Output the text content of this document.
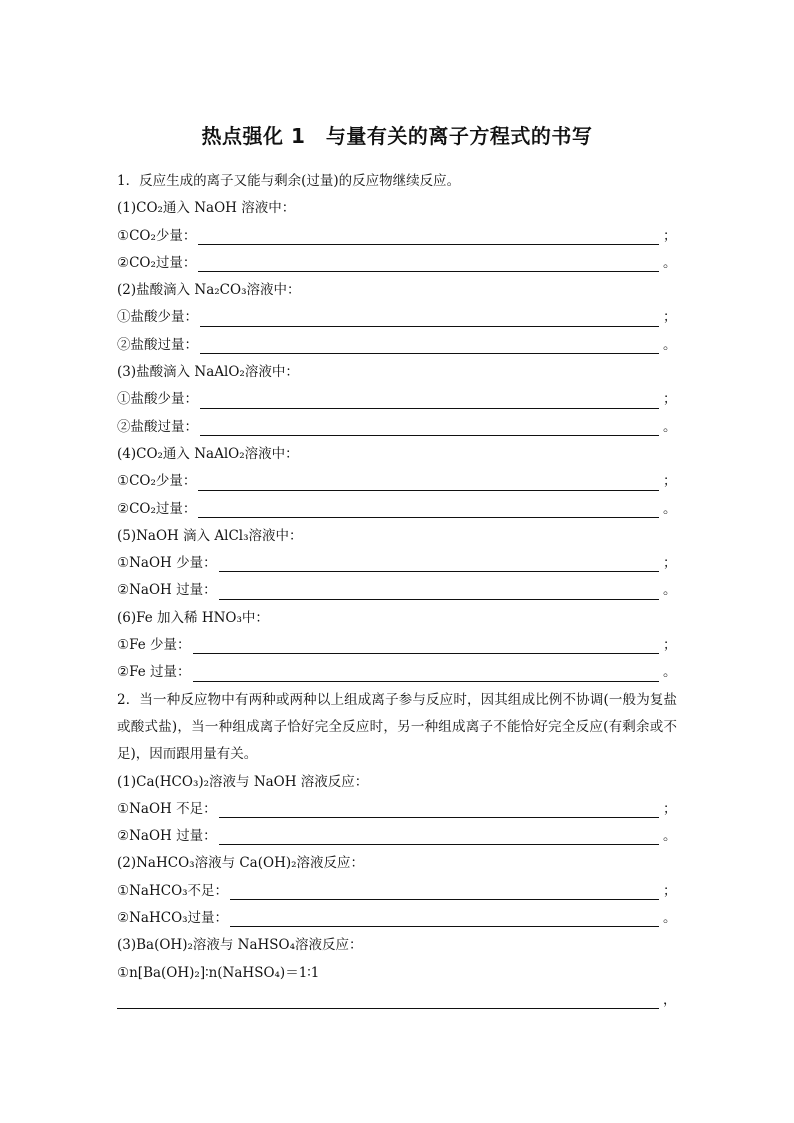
热点强化 1　与量有关的离子方程式的书写
1．反应生成的离子又能与剩余(过量)的反应物继续反应。
(1)CO₂通入 NaOH 溶液中：
①CO₂少量：	；
②CO₂过量：	。
(2)盐酸滴入 Na₂CO₃溶液中：
①盐酸少量：	；
②盐酸过量：	。
(3)盐酸滴入 NaAlO₂溶液中：
①盐酸少量：	；
②盐酸过量：	。
(4)CO₂通入 NaAlO₂溶液中：
①CO₂少量：	；
②CO₂过量：	。
(5)NaOH 滴入 AlCl₃溶液中：
①NaOH 少量：	；
②NaOH 过量：	。
(6)Fe 加入稀 HNO₃中：
①Fe 少量：	；
②Fe 过量：	。
2．当一种反应物中有两种或两种以上组成离子参与反应时，因其组成比例不协调(一般为复盐或酸式盐)，当一种组成离子恰好完全反应时，另一种组成离子不能恰好完全反应(有剩余或不足)，因而跟用量有关。
(1)Ca(HCO₃)₂溶液与 NaOH 溶液反应：
①NaOH 不足：	；
②NaOH 过量：	。
(2)NaHCO₃溶液与 Ca(OH)₂溶液反应：
①NaHCO₃不足：	；
②NaHCO₃过量：	。
(3)Ba(OH)₂溶液与 NaHSO₄溶液反应：
①n[Ba(OH)₂]∶n(NaHSO₄)＝1∶1
，
